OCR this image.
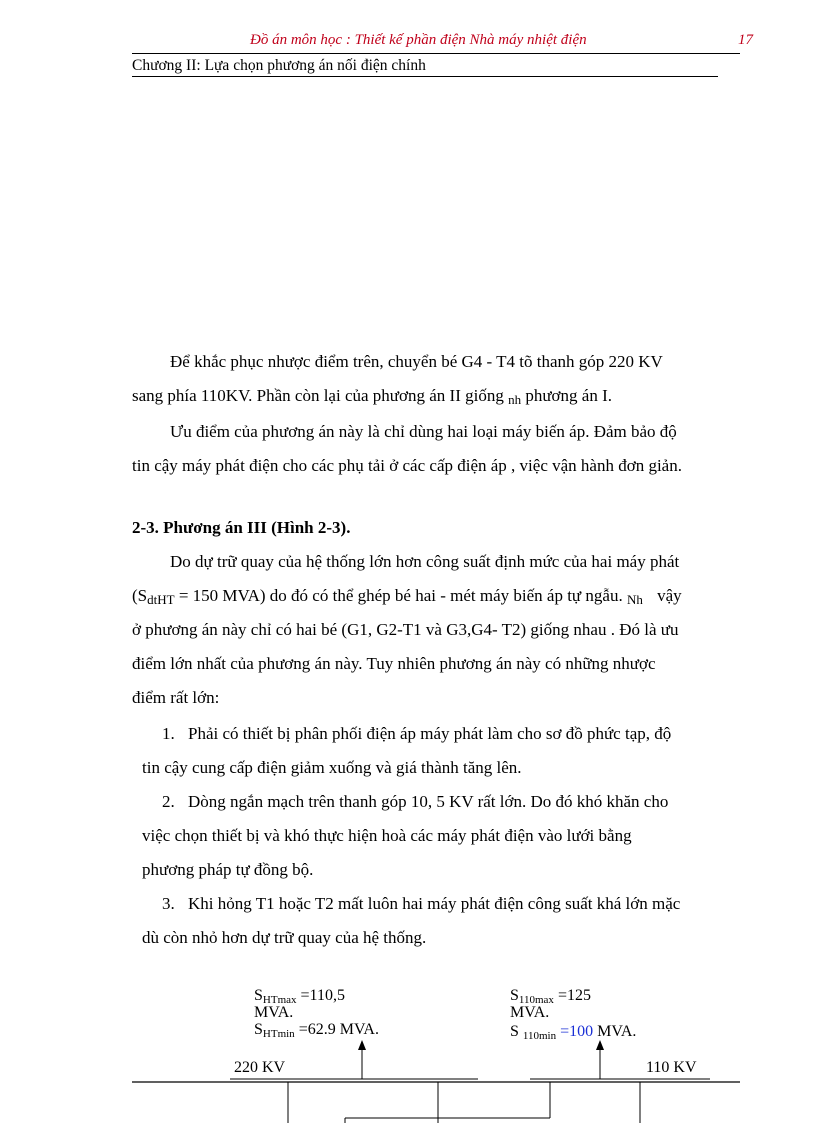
Đồ án môn học : Thiết kế phần điện Nhà máy nhiệt điện	17
Chương II: Lựa chọn phương án nối điện chính
Để khắc phục nhược điểm trên, chuyển bé G4 - T4 tõ thanh góp 220 KV
sang phía 110KV. Phần còn lại của phương án II giống nh phương án I.
Ưu điểm của phương án này là chỉ dùng hai loại máy biến áp. Đảm bảo độ
tin cậy máy phát điện cho các phụ tải ở các cấp điện áp , việc vận hành đơn giản.
2-3. Phương án III (Hình 2-3).
Do dự trữ quay của hệ thống lớn hơn công suất định mức của hai máy phát
(SdtHT = 150 MVA) do đó có thể ghép bé hai - mét máy biến áp tự ngẫu. Nh vậy
ở phương án này chỉ có hai bé (G1, G2-T1 và G3,G4- T2) giống nhau . Đó là ưu
điểm lớn nhất của phương án này. Tuy nhiên phương án này có những nhược
điểm rất lớn:
1. Phải có thiết bị phân phối điện áp máy phát làm cho sơ đồ phức tạp, độ
tin cậy cung cấp điện giảm xuống và giá thành tăng lên.
2. Dòng ngắn mạch trên thanh góp 10, 5 KV rất lớn. Do đó khó khăn cho
việc chọn thiết bị và khó thực hiện hoà các máy phát điện vào lưới bằng
phương pháp tự đồng bộ.
3. Khi hỏng T1 hoặc T2 mất luôn hai máy phát điện công suất khá lớn mặc
dù còn nhỏ hơn dự trữ quay của hệ thống.
SHTmax =110,5
MVA.
SHTmin =62.9 MVA.
220 KV
S110max =125
MVA.
S 110min =100 MVA.
110 KV
